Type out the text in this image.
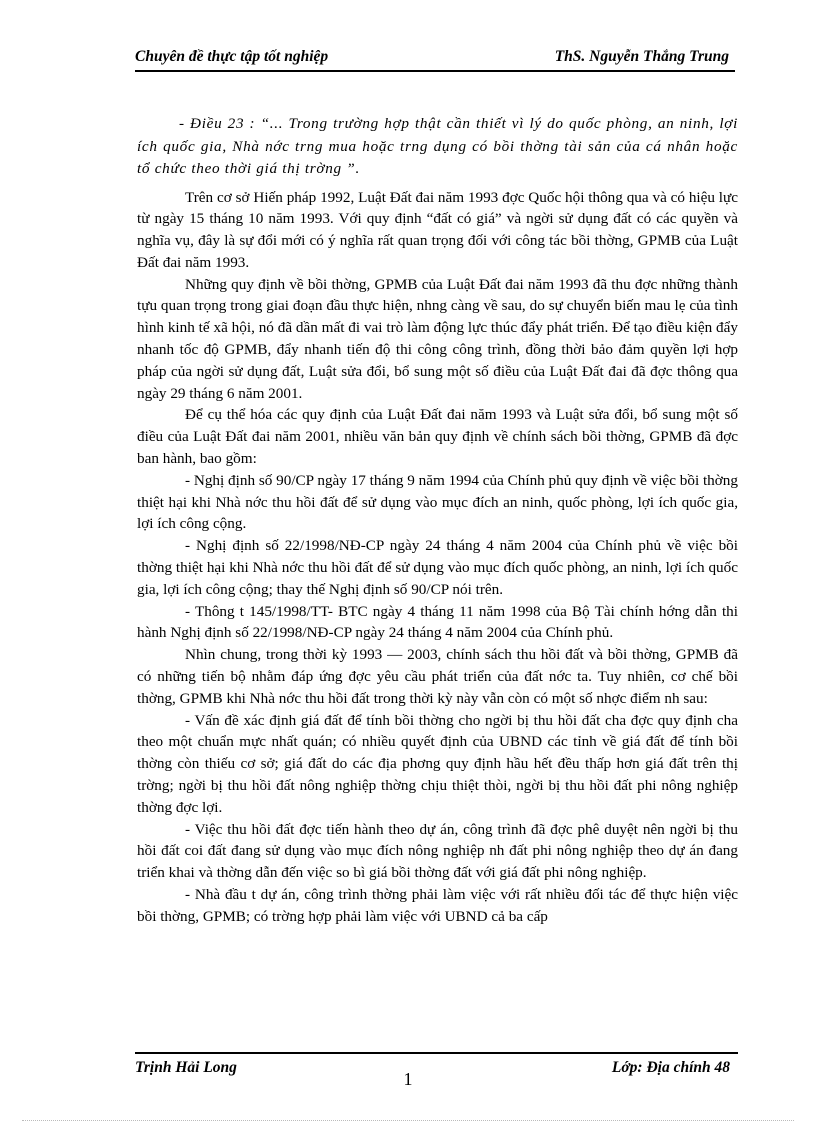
Chuyên đề thực tập tốt nghiệp	ThS. Nguyễn Thắng Trung

- Điều 23 : “... Trong trường hợp thật cần thiết vì lý do quốc phòng, an ninh, lợi ích quốc gia, Nhà nớc trng mua hoặc trng dụng có bồi thờng tài sản của cá nhân hoặc tổ chức theo thời giá thị trờng ”.

Trên cơ sở Hiến pháp 1992, Luật Đất đai năm 1993 đợc Quốc hội thông qua và có hiệu lực từ ngày 15 tháng 10 năm 1993. Với quy định “đất có giá” và ngời sử dụng đất có các quyền và nghĩa vụ, đây là sự đổi mới có ý nghĩa rất quan trọng đối với công tác bồi thờng, GPMB của Luật Đất đai năm 1993.

Những quy định về bồi thờng, GPMB của Luật Đất đai năm 1993 đã thu đợc những thành tựu quan trọng trong giai đoạn đầu thực hiện, nhng càng về sau, do sự chuyển biến mau lẹ của tình hình kinh tế xã hội, nó đã dần mất đi vai trò làm động lực thúc đẩy phát triển. Để tạo điều kiện đẩy nhanh tốc độ GPMB, đẩy nhanh tiến độ thi công công trình, đồng thời bảo đảm quyền lợi hợp pháp của ngời sử dụng đất, Luật sửa đổi, bổ sung một số điều của Luật Đất đai đã đợc thông qua ngày 29 tháng 6 năm 2001.

Để cụ thể hóa các quy định của Luật Đất đai năm 1993 và Luật sửa đổi, bổ sung một số điều của Luật Đất đai năm 2001, nhiều văn bản quy định về chính sách bồi thờng, GPMB đã đợc ban hành, bao gồm:

- Nghị định số 90/CP ngày 17 tháng 9 năm 1994 của Chính phủ quy định về việc bồi thờng thiệt hại khi Nhà nớc thu hồi đất để sử dụng vào mục đích an ninh, quốc phòng, lợi ích quốc gia, lợi ích công cộng.

- Nghị định số 22/1998/NĐ-CP ngày 24 tháng 4 năm 2004 của Chính phủ về việc bồi thờng thiệt hại khi Nhà nớc thu hồi đất để sử dụng vào mục đích quốc phòng, an ninh, lợi ích quốc gia, lợi ích công cộng; thay thế Nghị định số 90/CP nói trên.

- Thông t 145/1998/TT- BTC ngày 4 tháng 11 năm 1998 của Bộ Tài chính hớng dẫn thi hành Nghị định số 22/1998/NĐ-CP ngày 24 tháng 4 năm 2004 của Chính phủ.

Nhìn chung, trong thời kỳ 1993 — 2003, chính sách thu hồi đất và bồi thờng, GPMB đã có những tiến bộ nhằm đáp ứng đợc yêu cầu phát triển của đất nớc ta. Tuy nhiên, cơ chế bồi thờng, GPMB khi Nhà nớc thu hồi đất trong thời kỳ này vẫn còn có một số nhợc điểm nh sau:

- Vấn đề xác định giá đất để tính bồi thờng cho ngời bị thu hồi đất cha đợc quy định cha theo một chuẩn mực nhất quán; có nhiều quyết định của UBND các tỉnh về giá đất để tính bồi thờng còn thiếu cơ sở; giá đất do các địa phơng quy định hầu hết đều thấp hơn giá đất trên thị trờng; ngời bị thu hồi đất nông nghiệp thờng chịu thiệt thòi, ngời bị thu hồi đất phi nông nghiệp thờng đợc lợi.

- Việc thu hồi đất đợc tiến hành theo dự án, công trình đã đợc phê duyệt nên ngời bị thu hồi đất coi đất đang sử dụng vào mục đích nông nghiệp nh đất phi nông nghiệp theo dự án đang triển khai và thờng dẫn đến việc so bì giá bồi thờng đất với giá đất phi nông nghiệp.

- Nhà đầu t dự án, công trình thờng phải làm việc với rất nhiều đối tác để thực hiện việc bồi thờng, GPMB; có trờng hợp phải làm việc với UBND cả ba cấp

Trịnh Hải Long	Lớp: Địa chính 48
1
